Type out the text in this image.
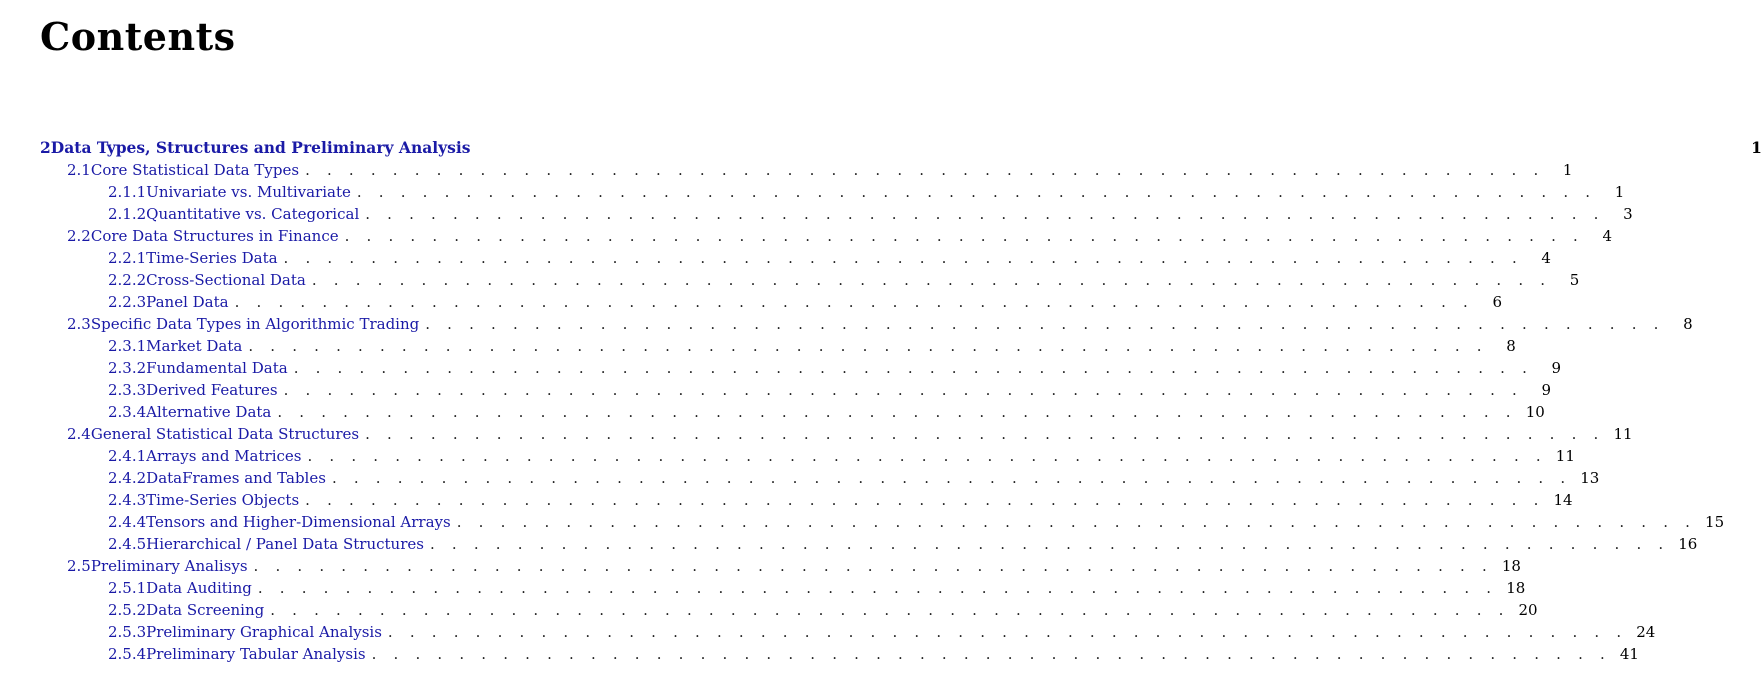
Contents
2 Data Types, Structures and Preliminary Analysis	1
2.1 Core Statistical Data Types . . . . . . . . . . . . . . . . . . . . . . . . . . . . . . . . . . . . . . . . . . . . . . . . . . . . . . . . .	1
2.1.1 Univariate vs. Multivariate . . . . . . . . . . . . . . . . . . . . . . . . . . . . . . . . . . . . . . . . . . . . . . . . . . . . . . . . .	1
2.1.2 Quantitative vs. Categorical . . . . . . . . . . . . . . . . . . . . . . . . . . . . . . . . . . . . . . . . . . . . . . . . . . . . . . . . .	3
2.2 Core Data Structures in Finance . . . . . . . . . . . . . . . . . . . . . . . . . . . . . . . . . . . . . . . . . . . . . . . . . . . . . . . . .	4
2.2.1 Time-Series Data . . . . . . . . . . . . . . . . . . . . . . . . . . . . . . . . . . . . . . . . . . . . . . . . . . . . . . . . .	4
2.2.2 Cross-Sectional Data . . . . . . . . . . . . . . . . . . . . . . . . . . . . . . . . . . . . . . . . . . . . . . . . . . . . . . . . .	5
2.2.3 Panel Data . . . . . . . . . . . . . . . . . . . . . . . . . . . . . . . . . . . . . . . . . . . . . . . . . . . . . . . . .	6
2.3 Specific Data Types in Algorithmic Trading . . . . . . . . . . . . . . . . . . . . . . . . . . . . . . . . . . . . . . . . . . . . . . . . . . . . . . . . .	8
2.3.1 Market Data . . . . . . . . . . . . . . . . . . . . . . . . . . . . . . . . . . . . . . . . . . . . . . . . . . . . . . . . .	8
2.3.2 Fundamental Data . . . . . . . . . . . . . . . . . . . . . . . . . . . . . . . . . . . . . . . . . . . . . . . . . . . . . . . . .	9
2.3.3 Derived Features . . . . . . . . . . . . . . . . . . . . . . . . . . . . . . . . . . . . . . . . . . . . . . . . . . . . . . . . .	9
2.3.4 Alternative Data . . . . . . . . . . . . . . . . . . . . . . . . . . . . . . . . . . . . . . . . . . . . . . . . . . . . . . . . . 10
2.4 General Statistical Data Structures . . . . . . . . . . . . . . . . . . . . . . . . . . . . . . . . . . . . . . . . . . . . . . . . . . . . . . . . . 11
2.4.1 Arrays and Matrices . . . . . . . . . . . . . . . . . . . . . . . . . . . . . . . . . . . . . . . . . . . . . . . . . . . . . . . . . 11
2.4.2 DataFrames and Tables . . . . . . . . . . . . . . . . . . . . . . . . . . . . . . . . . . . . . . . . . . . . . . . . . . . . . . . . . 13
2.4.3 Time-Series Objects . . . . . . . . . . . . . . . . . . . . . . . . . . . . . . . . . . . . . . . . . . . . . . . . . . . . . . . . . 14
2.4.4 Tensors and Higher-Dimensional Arrays . . . . . . . . . . . . . . . . . . . . . . . . . . . . . . . . . . . . . . . . . . . . . . . . . . . . . . . . . 15
2.4.5 Hierarchical / Panel Data Structures . . . . . . . . . . . . . . . . . . . . . . . . . . . . . . . . . . . . . . . . . . . . . . . . . . . . . . . . . 16
2.5 Preliminary Analisys . . . . . . . . . . . . . . . . . . . . . . . . . . . . . . . . . . . . . . . . . . . . . . . . . . . . . . . . . 18
2.5.1 Data Auditing . . . . . . . . . . . . . . . . . . . . . . . . . . . . . . . . . . . . . . . . . . . . . . . . . . . . . . . . . 18
2.5.2 Data Screening . . . . . . . . . . . . . . . . . . . . . . . . . . . . . . . . . . . . . . . . . . . . . . . . . . . . . . . . . 20
2.5.3 Preliminary Graphical Analysis . . . . . . . . . . . . . . . . . . . . . . . . . . . . . . . . . . . . . . . . . . . . . . . . . . . . . . . . . 24
2.5.4 Preliminary Tabular Analysis . . . . . . . . . . . . . . . . . . . . . . . . . . . . . . . . . . . . . . . . . . . . . . . . . . . . . . . . . 41
